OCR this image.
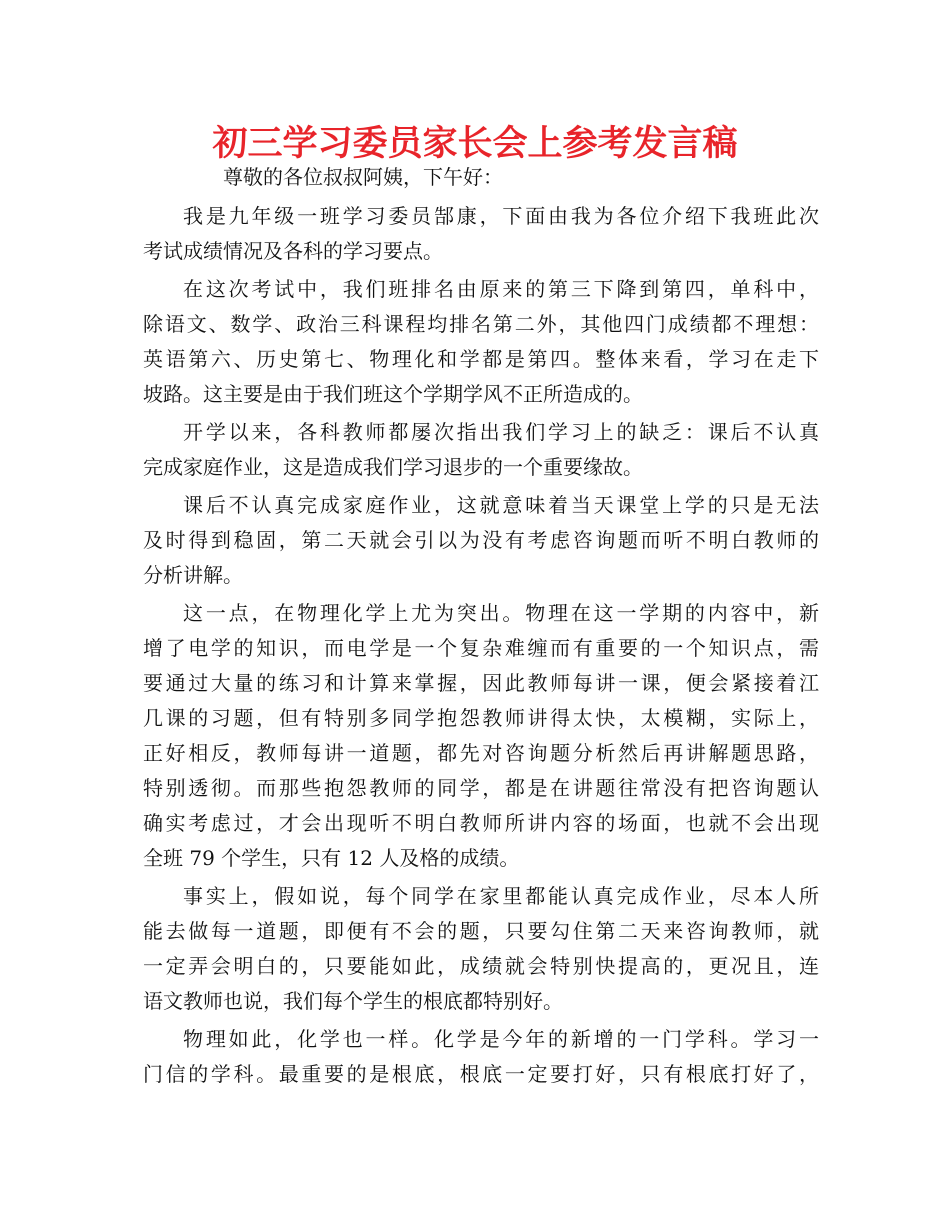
初三学习委员家长会上参考发言稿

尊敬的各位叔叔阿姨，下午好：

我是九年级一班学习委员郜康，下面由我为各位介绍下我班此次
考试成绩情况及各科的学习要点。

在这次考试中，我们班排名由原来的第三下降到第四，单科中，
除语文、数学、政治三科课程均排名第二外，其他四门成绩都不理想：
英语第六、历史第七、物理化和学都是第四。整体来看，学习在走下
坡路。这主要是由于我们班这个学期学风不正所造成的。

开学以来，各科教师都屡次指出我们学习上的缺乏：课后不认真
完成家庭作业，这是造成我们学习退步的一个重要缘故。

课后不认真完成家庭作业，这就意味着当天课堂上学的只是无法
及时得到稳固，第二天就会引以为没有考虑咨询题而听不明白教师的
分析讲解。

这一点，在物理化学上尤为突出。物理在这一学期的内容中，新
增了电学的知识，而电学是一个复杂难缠而有重要的一个知识点，需
要通过大量的练习和计算来掌握，因此教师每讲一课，便会紧接着江
几课的习题，但有特别多同学抱怨教师讲得太快，太模糊，实际上，
正好相反，教师每讲一道题，都先对咨询题分析然后再讲解题思路，
特别透彻。而那些抱怨教师的同学，都是在讲题往常没有把咨询题认
确实考虑过，才会出现听不明白教师所讲内容的场面，也就不会出现
全班 79 个学生，只有 12 人及格的成绩。

事实上，假如说，每个同学在家里都能认真完成作业，尽本人所
能去做每一道题，即便有不会的题，只要勾住第二天来咨询教师，就
一定弄会明白的，只要能如此，成绩就会特别快提高的，更况且，连
语文教师也说，我们每个学生的根底都特别好。

物理如此，化学也一样。化学是今年的新增的一门学科。学习一
门信的学科。最重要的是根底，根底一定要打好，只有根底打好了，
